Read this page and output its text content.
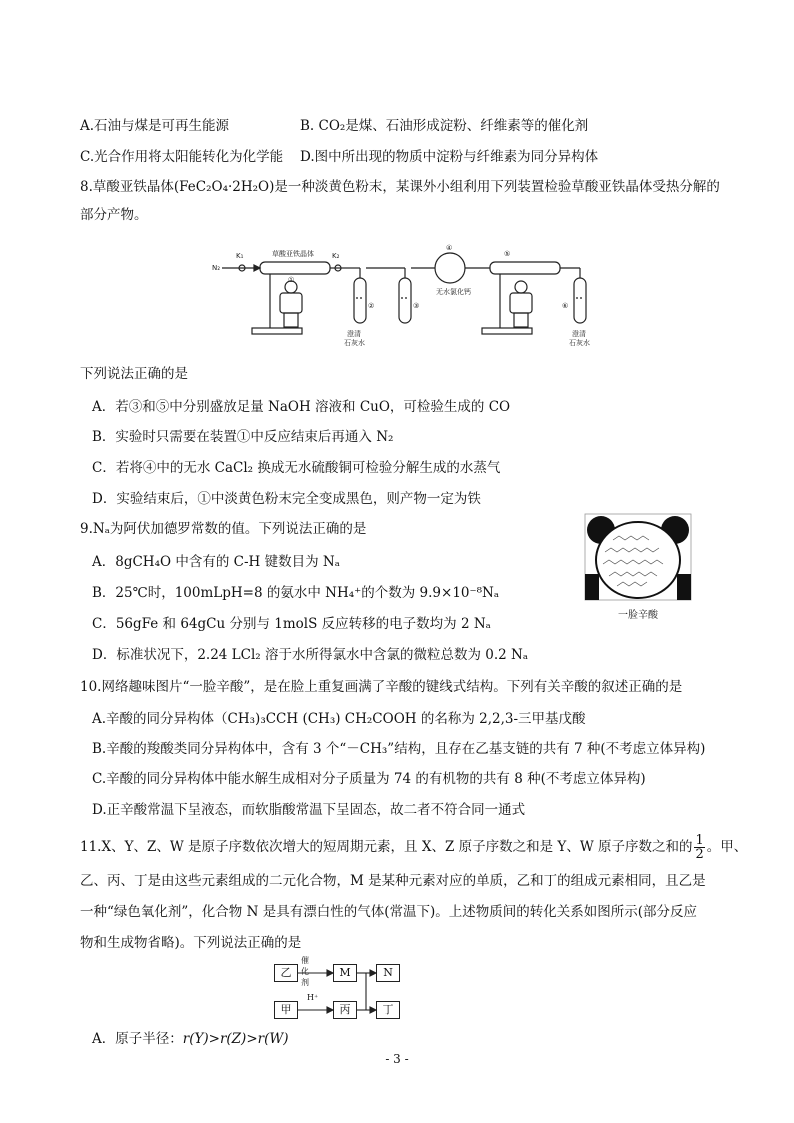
A.石油与煤是可再生能源	B. CO₂是煤、石油形成淀粉、纤维素等的催化剂
C.光合作用将太阳能转化为化学能 D.图中所出现的物质中淀粉与纤维素为同分异构体
8.草酸亚铁晶体(FeC₂O₄·2H₂O)是一种淡黄色粉末，某课外小组利用下列装置检验草酸亚铁晶体受热分解的
部分产物。
N₂
K₁	草酸亚铁晶体	K₂
①
②	③
④
无水氯化钙
⑤
⑥
澄清
石灰水
澄清
石灰水
下列说法正确的是
A．若③和⑤中分别盛放足量 NaOH 溶液和 CuO，可检验生成的 CO
B．实验时只需要在装置①中反应结束后再通入 N₂
C．若将④中的无水 CaCl₂ 换成无水硫酸铜可检验分解生成的水蒸气
D．实验结束后，①中淡黄色粉末完全变成黑色，则产物一定为铁
9.Nₐ为阿伏加德罗常数的值。下列说法正确的是
A．8gCH₄O 中含有的 C-H 键数目为 Nₐ
B．25℃时，100mLpH=8 的氨水中 NH₄⁺的个数为 9.9×10⁻⁸Nₐ
C．56gFe 和 64gCu 分别与 1molS 反应转移的电子数均为 2 Nₐ
D．标准状况下，2.24 LCl₂ 溶于水所得氯水中含氯的微粒总数为 0.2 Nₐ
一脸辛酸
10.网络趣味图片“一脸辛酸”，是在脸上重复画满了辛酸的键线式结构。下列有关辛酸的叙述正确的是
A.辛酸的同分异构体（CH₃)₃CCH (CH₃) CH₂COOH 的名称为 2,2,3-三甲基戊酸
B.辛酸的羧酸类同分异构体中，含有 3 个“－CH₃”结构，且存在乙基支链的共有 7 种(不考虑立体异构)
C.辛酸的同分异构体中能水解生成相对分子质量为 74 的有机物的共有 8 种(不考虑立体异构)
D.正辛酸常温下呈液态，而软脂酸常温下呈固态，故二者不符合同一通式
11.X、Y、Z、W 是原子序数依次增大的短周期元素，且 X、Z 原子序数之和是 Y、W 原子序数之和的 $\frac{1}{2}$ 。甲、
乙、丙、丁是由这些元素组成的二元化合物，M 是某种元素对应的单质，乙和丁的组成元素相同，且乙是
一种“绿色氧化剂”，化合物 N 是具有漂白性的气体(常温下)。上述物质间的转化关系如图所示(部分反应
物和生成物省略)。下列说法正确的是
乙	M	N
甲	丙	丁
催化剂
H⁺
A．原子半径：r(Y)>r(Z)>r(W)
- 3 -
